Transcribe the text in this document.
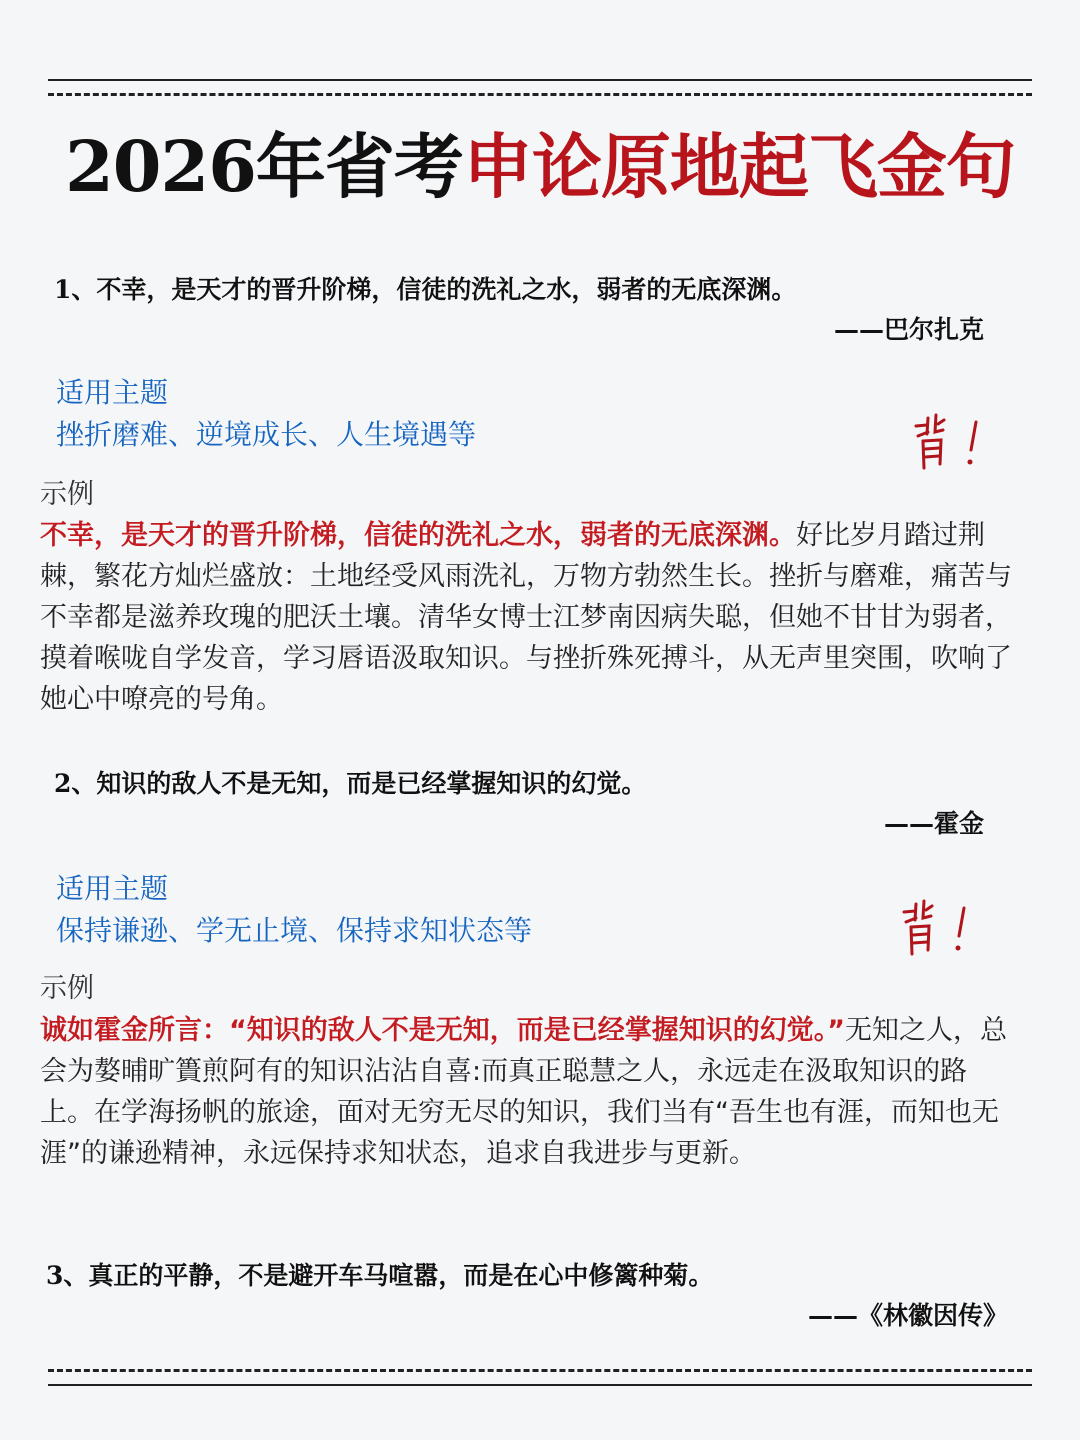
2026年省考申论原地起飞金句
1、不幸，是天才的晋升阶梯，信徒的洗礼之水，弱者的无底深渊。
——巴尔扎克
适用主题
挫折磨难、逆境成长、人生境遇等
示例

不幸，是天才的晋升阶梯，信徒的洗礼之水，弱者的无底深渊。好比岁月踏过荆棘，繁花方灿烂盛放：土地经受风雨洗礼，万物方勃然生长。挫折与磨难，痛苦与不幸都是滋养玫瑰的肥沃土壤。清华女博士江梦南因病失聪，但她不甘甘为弱者，摸着喉咙自学发音，学习唇语汲取知识。与挫折殊死搏斗，从无声里突围，吹响了她心中嘹亮的号角。

2、知识的敌人不是无知，而是已经掌握知识的幻觉。
——霍金
适用主题
保持谦逊、学无止境、保持求知状态等
示例

诚如霍金所言：“知识的敌人不是无知，而是已经掌握知识的幻觉。”无知之人，总会为嫯晡旷簣煎阿有的知识沾沾自喜:而真正聪慧之人，永远走在汲取知识的路上。在学海扬帆的旅途，面对无穷无尽的知识，我们当有“吾生也有涯，而知也无涯”的谦逊精神，永远保持求知状态，追求自我进步与更新。

3、真正的平静，不是避开车马喧嚣，而是在心中修篱种菊。
——《林徽因传》
